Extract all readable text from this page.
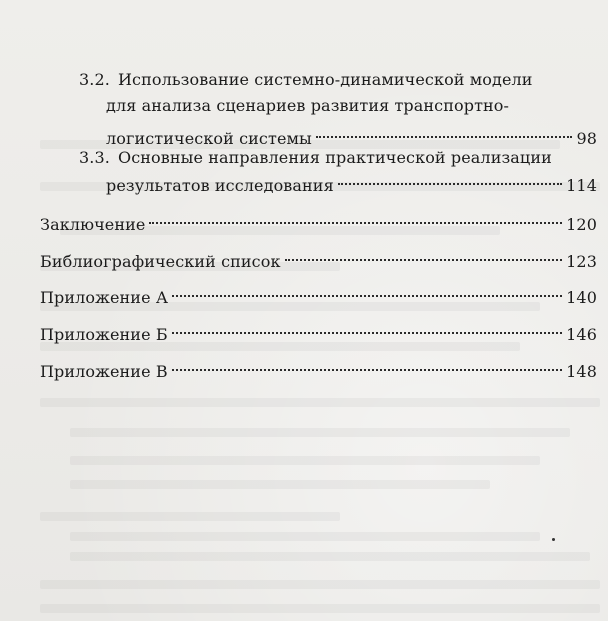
3.2. Использование системно-динамической модели
для анализа сценариев развития транспортно-
логистической системы	98
3.3. Основные направления практической реализации
результатов исследования	114
Заключение	120
Библиографический список	123
Приложение А	140
Приложение Б	146
Приложение В	148
